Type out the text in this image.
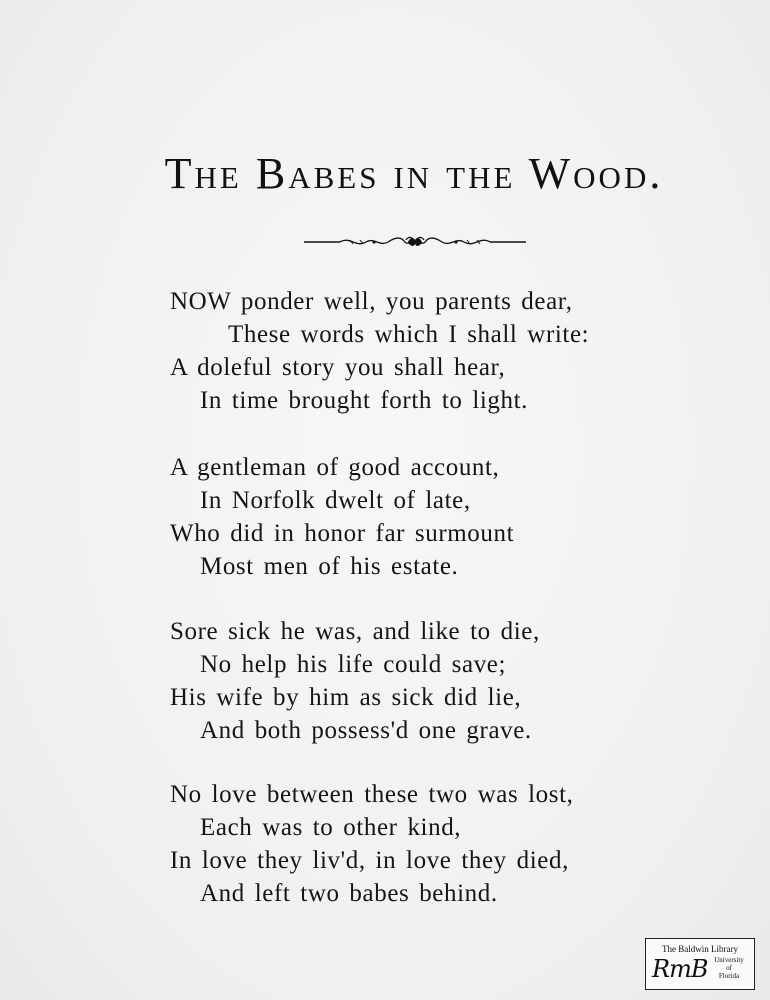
The Babes in the Wood.
NOW ponder well, you parents dear,
These words which I shall write:
A doleful story you shall hear,
In time brought forth to light.
A gentleman of good account,
In Norfolk dwelt of late,
Who did in honor far surmount
Most men of his estate.
Sore sick he was, and like to die,
No help his life could save;
His wife by him as sick did lie,
And both possess'd one grave.
No love between these two was lost,
Each was to other kind,
In love they liv'd, in love they died,
And left two babes behind.
The Baldwin Library
RmB University
of
Florida
